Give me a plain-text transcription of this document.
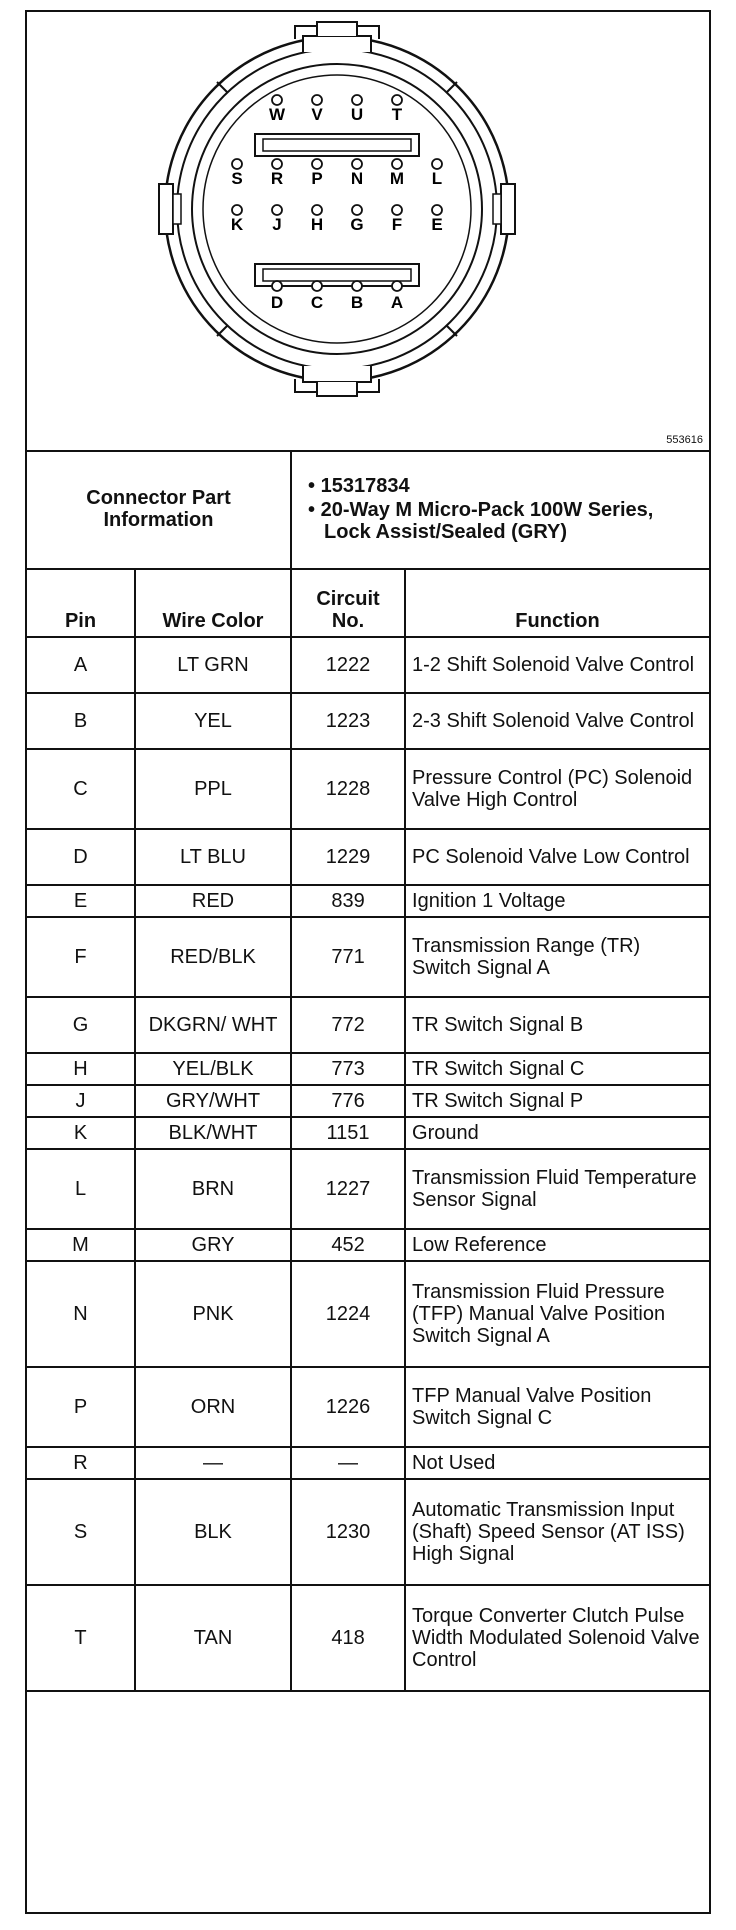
W V U T
S R P N M L
K J H G F E
D C B A
553616
Connector Part Information		• 15317834
• 20-Way M Micro-Pack 100W Series, Lock Assist/Sealed (GRY)	

Pin	Wire Color	Circuit No.	Function
A	LT GRN	1222	1-2 Shift Solenoid Valve Control
B	YEL	1223	2-3 Shift Solenoid Valve Control
C	PPL	1228	Pressure Control (PC) Solenoid Valve High Control
D	LT BLU	1229	PC Solenoid Valve Low Control
E	RED	839	Ignition 1 Voltage
F	RED/BLK	771	Transmission Range (TR) Switch Signal A
G	DKGRN/ WHT	772	TR Switch Signal B
H	YEL/BLK	773	TR Switch Signal C
J	GRY/WHT	776	TR Switch Signal P
K	BLK/WHT	1151	Ground
L	BRN	1227	Transmission Fluid Temperature Sensor Signal
M	GRY	452	Low Reference
N	PNK	1224	Transmission Fluid Pressure (TFP) Manual Valve Position Switch Signal A
P	ORN	1226	TFP Manual Valve Position Switch Signal C
R	—	—	Not Used
S	BLK	1230	Automatic Transmission Input (Shaft) Speed Sensor (AT ISS) High Signal
T	TAN	418	Torque Converter Clutch Pulse Width Modulated Solenoid Valve Control
